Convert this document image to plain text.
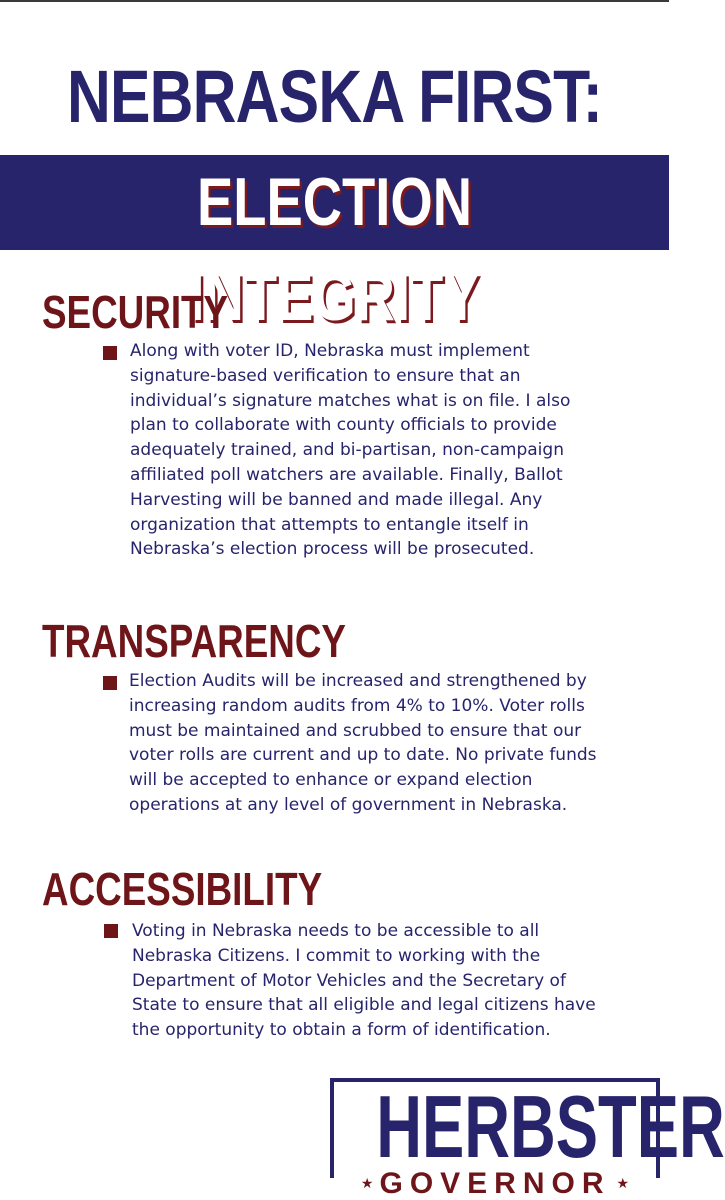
NEBRASKA FIRST:
ELECTION INTEGRITY
SECURITY
Along with voter ID, Nebraska must implement
signature-based verification to ensure that an
individual’s signature matches what is on file. I also
plan to collaborate with county officials to provide
adequately trained, and bi-partisan, non-campaign
affiliated poll watchers are available. Finally, Ballot
Harvesting will be banned and made illegal. Any
organization that attempts to entangle itself in
Nebraska’s election process will be prosecuted.
TRANSPARENCY
Election Audits will be increased and strengthened by
increasing random audits from 4% to 10%. Voter rolls
must be maintained and scrubbed to ensure that our
voter rolls are current and up to date. No private funds
will be accepted to enhance or expand election
operations at any level of government in Nebraska.
ACCESSIBILITY
Voting in Nebraska needs to be accessible to all
Nebraska Citizens. I commit to working with the
Department of Motor Vehicles and the Secretary of
State to ensure that all eligible and legal citizens have
the opportunity to obtain a form of identification.
HERBSTER
★ GOVERNOR ★
